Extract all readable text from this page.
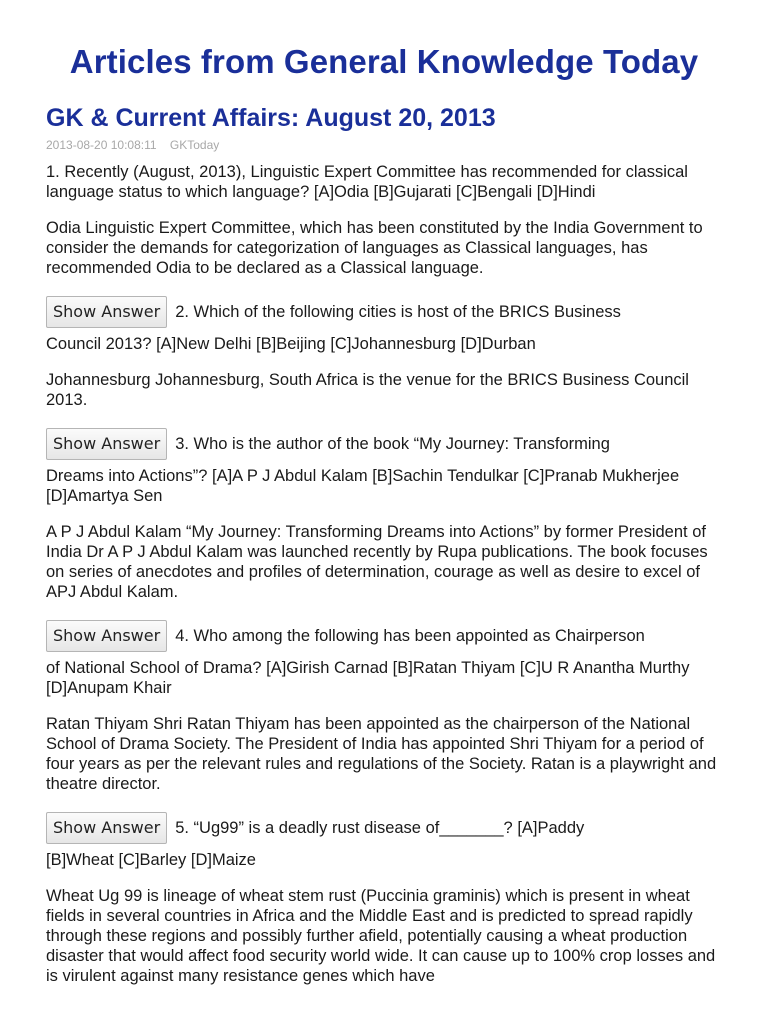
Articles from General Knowledge Today
GK & Current Affairs: August 20, 2013
2013-08-20 10:08:11 GKToday

1. Recently (August, 2013), Linguistic Expert Committee has recommended for classical language status to which language? [A]Odia [B]Gujarati [C]Bengali [D]Hindi

Odia Linguistic Expert Committee, which has been constituted by the India Government to consider the demands for categorization of languages as Classical languages, has recommended Odia to be declared as a Classical language.

Show Answer 2. Which of the following cities is host of the BRICS Business

Council 2013? [A]New Delhi [B]Beijing [C]Johannesburg [D]Durban

Johannesburg Johannesburg, South Africa is the venue for the BRICS Business Council 2013.

Show Answer 3. Who is the author of the book “My Journey: Transforming

Dreams into Actions”? [A]A P J Abdul Kalam [B]Sachin Tendulkar [C]Pranab Mukherjee [D]Amartya Sen

A P J Abdul Kalam “My Journey: Transforming Dreams into Actions” by former President of India Dr A P J Abdul Kalam was launched recently by Rupa publications. The book focuses on series of anecdotes and profiles of determination, courage as well as desire to excel of APJ Abdul Kalam.

Show Answer 4. Who among the following has been appointed as Chairperson

of National School of Drama? [A]Girish Carnad [B]Ratan Thiyam [C]U R Anantha Murthy [D]Anupam Khair

Ratan Thiyam Shri Ratan Thiyam has been appointed as the chairperson of the National School of Drama Society. The President of India has appointed Shri Thiyam for a period of four years as per the relevant rules and regulations of the Society. Ratan is a playwright and theatre director.

Show Answer 5. “Ug99” is a deadly rust disease of_______? [A]Paddy

[B]Wheat [C]Barley [D]Maize

Wheat Ug 99 is lineage of wheat stem rust (Puccinia graminis) which is present in wheat fields in several countries in Africa and the Middle East and is predicted to spread rapidly through these regions and possibly further afield, potentially causing a wheat production disaster that would affect food security world wide. It can cause up to 100% crop losses and is virulent against many resistance genes which have
